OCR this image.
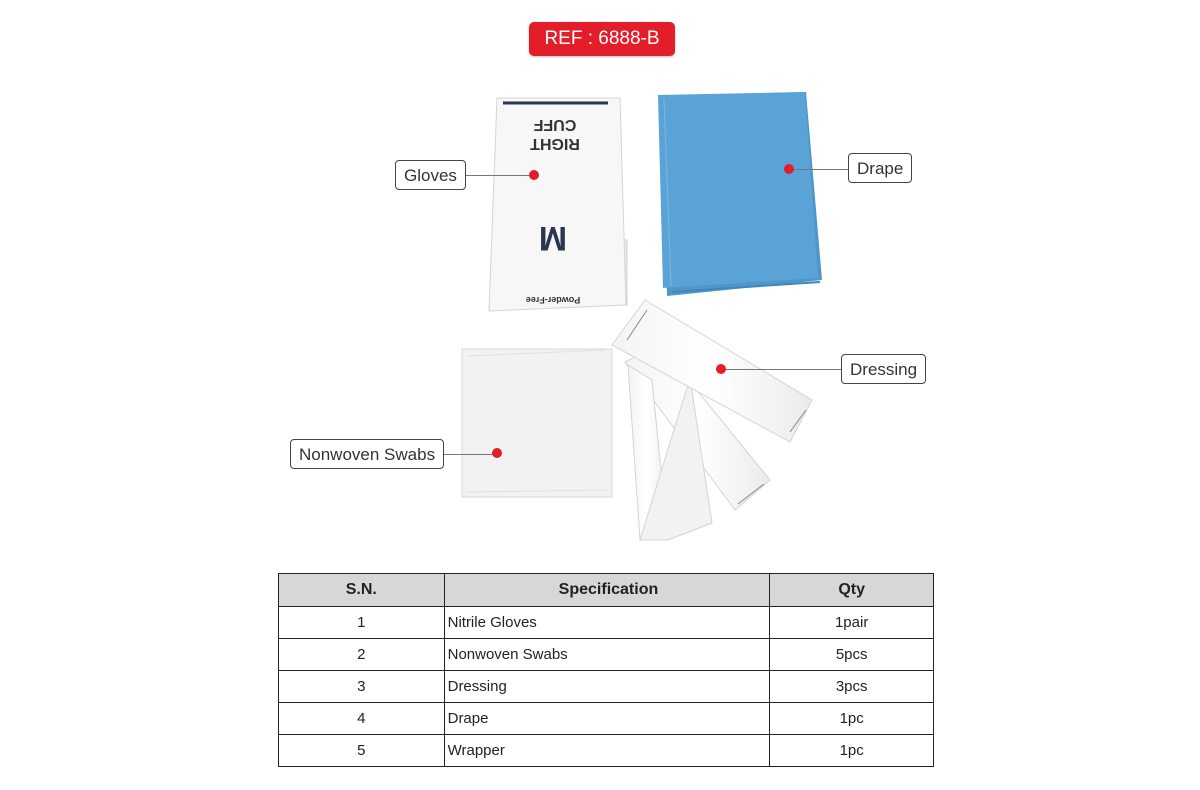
REF : 6888-B
RIGHT
CUFF
M
Powder-Free
Gloves	Drape
Dressing
Nonwoven Swabs
S.N.	Specification	Qty
1	Nitrile Gloves	1pair
2	Nonwoven Swabs	5pcs
3	Dressing	3pcs
4	Drape	1pc
5	Wrapper	1pc
